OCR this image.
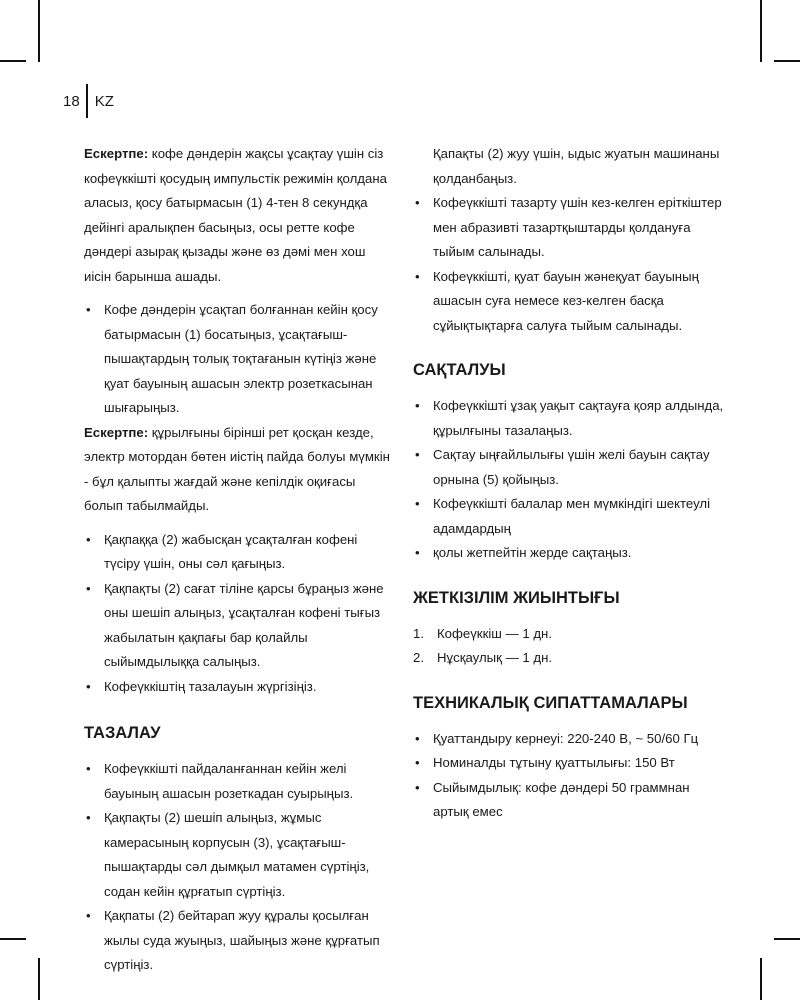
18 KZ

Ескертпе: кофе дәндерін жақсы ұсақтау үшін сіз кофеүккішті қосудың импульстік режимін қолдана аласыз, қосу батырмасын (1) 4-тен 8 секундқа дейінгі аралықпен басыңыз, осы ретте кофе дәндері азырақ қызады және өз дәмі мен хош иісін барынша ашады.

• Кофе дәндерін ұсақтап болғаннан кейін қосу батырмасын (1) босатыңыз, ұсақтағыш-пышақтардың толық тоқтағанын күтіңіз және қуат бауының ашасын электр розеткасынан шығарыңыз.

Ескертпе: құрылғыны бірінші рет қосқан кезде, электр мотордан бөтен иістің пайда болуы мүмкін - бұл қалыпты жағдай және кепілдік оқиғасы болып табылмайды.

• Қақпаққа (2) жабысқан ұсақталған кофені түсіру үшін, оны сәл қағыңыз.
• Қақпақты (2) сағат тіліне қарсы бұраңыз және оны шешіп алыңыз, ұсақталған кофені тығыз жабылатын қақпағы бар қолайлы сыйымдылыққа салыңыз.
• Кофеүккіштің тазалауын жүргізіңіз.
ТАЗАЛАУ
• Кофеүккішті пайдаланғаннан кейін желі бауының ашасын розеткадан суырыңыз.
• Қақпақты (2) шешіп алыңыз, жұмыс камерасының корпусын (3), ұсақтағыш-пышақтарды сәл дымқыл матамен сүртіңіз, содан кейін құрғатып сүртіңіз.
• Қақпаты (2) бейтарап жуу құралы қосылған жылы суда жуыңыз, шайыңыз және құрғатып сүртіңіз.

Қапақты (2) жуу үшін, ыдыс жуатын машинаны қолданбаңыз.

• Кофеүккішті тазарту үшін кез-келген еріткіштер мен абразивті тазартқыштарды қолдануға тыйым салынады.
• Кофеүккішті, қуат бауын жәнеқуат бауының ашасын суға немесе кез-келген басқа сұйықтықтарға салуға тыйым салынады.
САҚТАЛУЫ
• Кофеүккішті ұзақ уақыт сақтауға қояр алдында, құрылғыны тазалаңыз.
• Сақтау ыңғайлылығы үшін желі бауын сақтау орнына (5) қойыңыз.
• Кофеүккішті балалар мен мүмкіндігі шектеулі адамдардың
• қолы жетпейтін жерде сақтаңыз.
ЖЕТКІЗІЛІМ ЖИЫНТЫҒЫ
1. Кофеүккіш — 1 дн.
2. Нұсқаулық — 1 дн.
ТЕХНИКАЛЫҚ СИПАТТАМАЛАРЫ
• Қуаттандыру кернеуі: 220-240 В, ~ 50/60 Гц
• Номиналды тұтыну қуаттылығы: 150 Вт
• Сыйымдылық: кофе дәндері 50 граммнан артық емес
